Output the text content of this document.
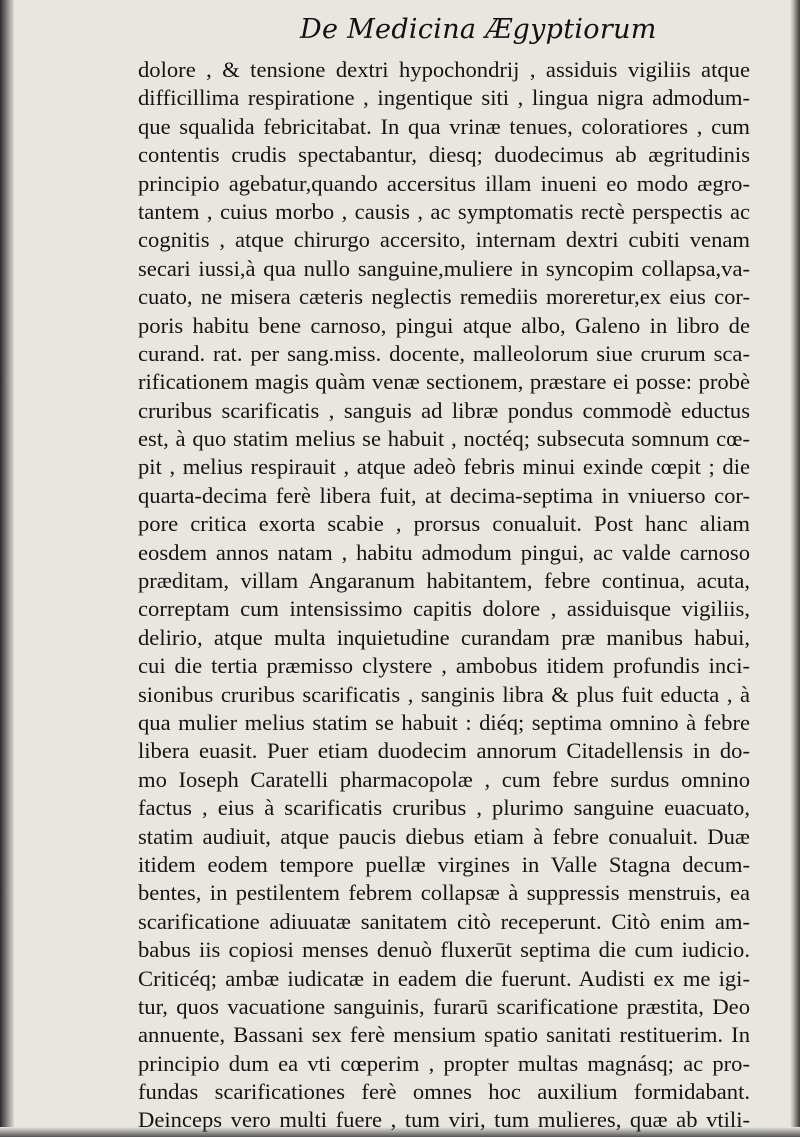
De Medicina Ægyptiorum
dolore , & tensione dextri hypochondrij , assiduis vigiliis atque
difficillima respiratione , ingentique siti , lingua nigra admodum-
que squalida febricitabat. In qua vrinæ tenues, coloratiores , cum
contentis crudis spectabantur, diesq; duodecimus ab ægritudinis
principio agebatur,quando accersitus illam inueni eo modo ægro-
tantem , cuius morbo , causis , ac symptomatis rectè perspectis ac
cognitis , atque chirurgo accersito, internam dextri cubiti venam
secari iussi,à qua nullo sanguine,muliere in syncopim collapsa,va-
cuato, ne misera cæteris neglectis remediis moreretur,ex eius cor-
poris habitu bene carnoso, pingui atque albo, Galeno in libro de
curand. rat. per sang.miss. docente, malleolorum siue crurum sca-
rificationem magis quàm venæ sectionem, præstare ei posse: probè
cruribus scarificatis , sanguis ad libræ pondus commodè eductus
est, à quo statim melius se habuit , noctéq; subsecuta somnum cœ-
pit , melius respirauit , atque adeò febris minui exinde cœpit ; die
quarta-decima ferè libera fuit, at decima-septima in vniuerso cor-
pore critica exorta scabie , prorsus conualuit. Post hanc aliam
eosdem annos natam , habitu admodum pingui, ac valde carnoso
præditam, villam Angaranum habitantem, febre continua, acuta,
correptam cum intensissimo capitis dolore , assiduisque vigiliis,
delirio, atque multa inquietudine curandam præ manibus habui,
cui die tertia præmisso clystere , ambobus itidem profundis inci-
sionibus cruribus scarificatis , sanginis libra & plus fuit educta , à
qua mulier melius statim se habuit : diéq; septima omnino à febre
libera euasit. Puer etiam duodecim annorum Citadellensis in do-
mo Ioseph Caratelli pharmacopolæ , cum febre surdus omnino
factus , eius à scarificatis cruribus , plurimo sanguine euacuato,
statim audiuit, atque paucis diebus etiam à febre conualuit. Duæ
itidem eodem tempore puellæ virgines in Valle Stagna decum-
bentes, in pestilentem febrem collapsæ à suppressis menstruis, ea
scarificatione adiuuatæ sanitatem citò receperunt. Citò enim am-
babus iis copiosi menses denuò fluxerūt septima die cum iudicio.
Criticéq; ambæ iudicatæ in eadem die fuerunt. Audisti ex me igi-
tur, quos vacuatione sanguinis, furarū scarificatione præstita, Deo
annuente, Bassani sex ferè mensium spatio sanitati restituerim. In
principio dum ea vti cœperim , propter multas magnásq; ac pro-
fundas scarificationes ferè omnes hoc auxilium formidabant.
Deinceps vero multi fuere , tum viri, tum mulieres, quæ ab vtili-
